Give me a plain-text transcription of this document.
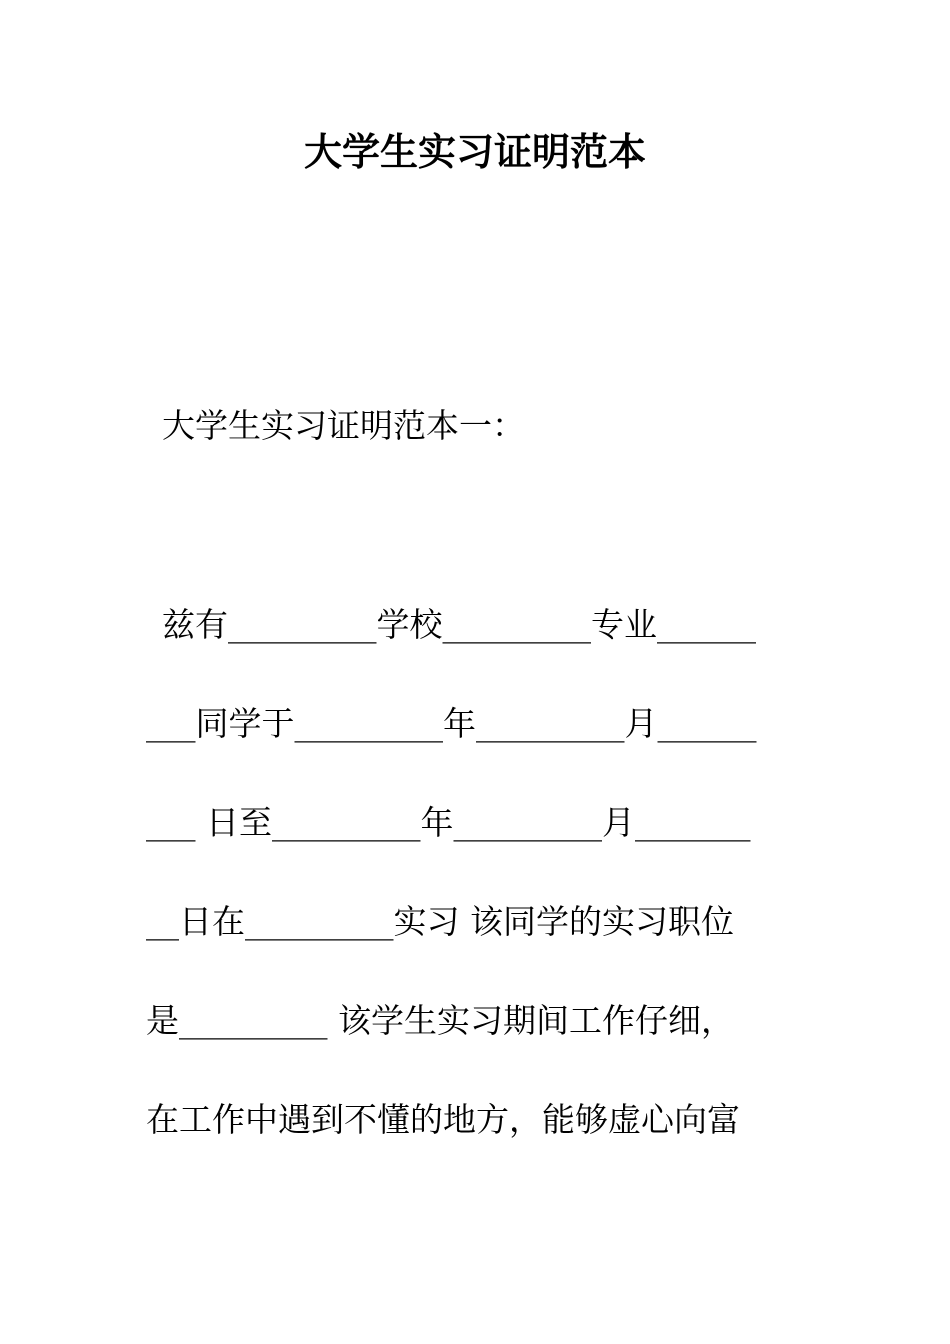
大学生实习证明范本
大学生实习证明范本一：
兹有_________学校_________专业______
___同学于_________年_________月______
___ 日至_________年_________月_______
__日在_________实习 该同学的实习职位
是_________ 该学生实习期间工作仔细，
在工作中遇到不懂的地方，能够虚心向富
